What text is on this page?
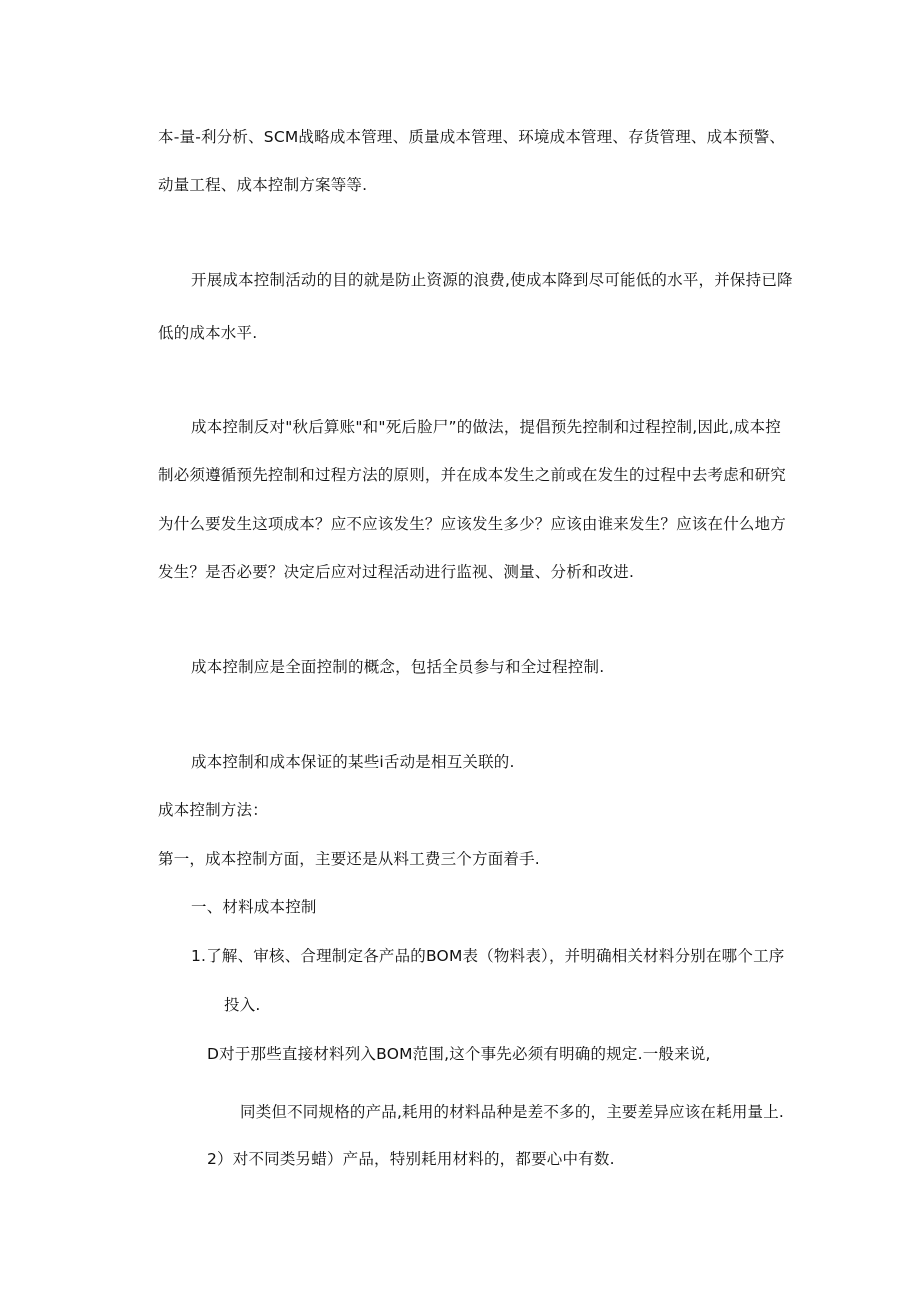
本-量-利分析、SCM战略成本管理、质量成本管理、环境成本管理、存货管理、成本预警、
动量工程、成本控制方案等等.
开展成本控制活动的目的就是防止资源的浪费,使成本降到尽可能低的水平，并保持已降
低的成本水平.
成本控制反对"秋后算账"和"死后脸尸”的做法，提倡预先控制和过程控制,因此,成本控
制必须遵循预先控制和过程方法的原则，并在成本发生之前或在发生的过程中去考虑和研究
为什么要发生这项成本？应不应该发生？应该发生多少？应该由谁来发生？应该在什么地方
发生？是否必要？决定后应对过程活动进行监视、测量、分析和改进.
成本控制应是全面控制的概念，包括全员参与和全过程控制.
成本控制和成本保证的某些i舌动是相互关联的.
成本控制方法：
第一，成本控制方面，主要还是从料工费三个方面着手.
一、材料成本控制
1.了解、审核、合理制定各产品的BOM表（物料表），并明确相关材料分别在哪个工序
投入.
D对于那些直接材料列入BOM范围,这个事先必须有明确的规定.一般来说,
同类但不同规格的产品,耗用的材料品种是差不多的，主要差异应该在耗用量上.
2）对不同类另蜡）产品，特别耗用材料的，都要心中有数.
